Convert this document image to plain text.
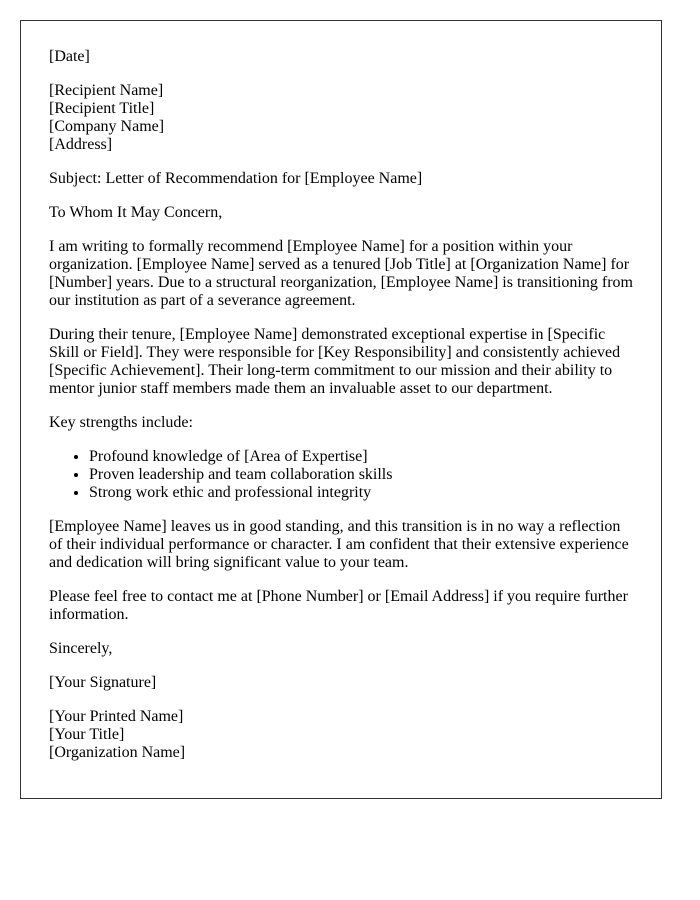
[Date]

[Recipient Name]
[Recipient Title]
[Company Name]
[Address]

Subject: Letter of Recommendation for [Employee Name]

To Whom It May Concern,

I am writing to formally recommend [Employee Name] for a position within your organization. [Employee Name] served as a tenured [Job Title] at [Organization Name] for [Number] years. Due to a structural reorganization, [Employee Name] is transitioning from our institution as part of a severance agreement.

During their tenure, [Employee Name] demonstrated exceptional expertise in [Specific Skill or Field]. They were responsible for [Key Responsibility] and consistently achieved [Specific Achievement]. Their long-term commitment to our mission and their ability to mentor junior staff members made them an invaluable asset to our department.

Key strengths include:

• Profound knowledge of [Area of Expertise]
• Proven leadership and team collaboration skills
• Strong work ethic and professional integrity

[Employee Name] leaves us in good standing, and this transition is in no way a reflection of their individual performance or character. I am confident that their extensive experience and dedication will bring significant value to your team.

Please feel free to contact me at [Phone Number] or [Email Address] if you require further information.

Sincerely,

[Your Signature]

[Your Printed Name]
[Your Title]
[Organization Name]
